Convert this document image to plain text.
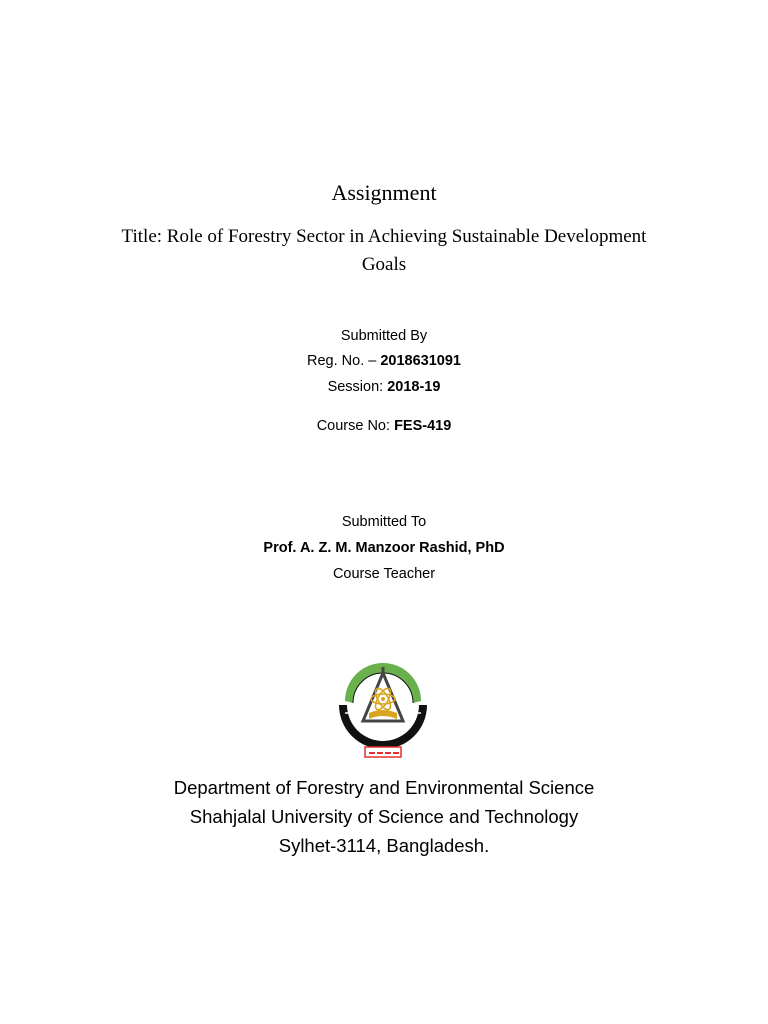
Assignment
Title: Role of Forestry Sector in Achieving Sustainable Development
Goals
Submitted By
Reg. No. – 2018631091
Session: 2018-19
Course No: FES-419
Submitted To
Prof. A. Z. M. Manzoor Rashid, PhD
Course Teacher
Department of Forestry and Environmental Science
Shahjalal University of Science and Technology
Sylhet-3114, Bangladesh.
